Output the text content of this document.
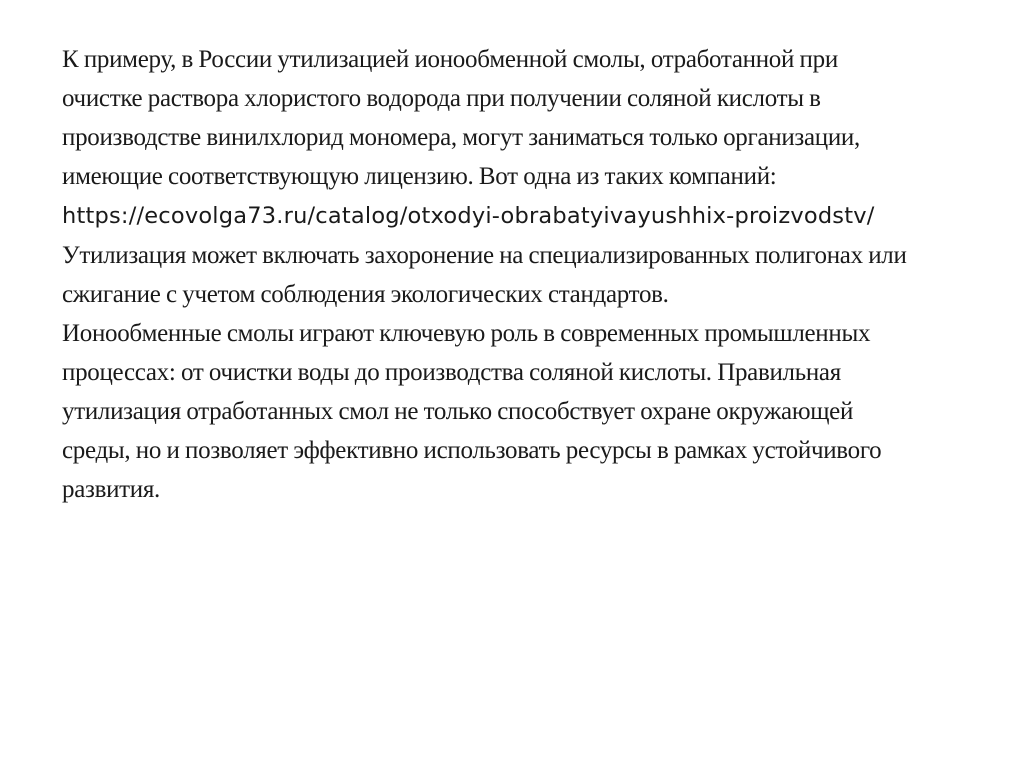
К примеру, в России утилизацией ионообменной смолы, отработанной при очистке раствора хлористого водорода при получении соляной кислоты в производстве винилхлорид мономера, могут заниматься только организации, имеющие соответствующую лицензию. Вот одна из таких компаний: https://ecovolga73.ru/catalog/otxodyi-obrabatyivayushhix-proizvodstv/

Утилизация может включать захоронение на специализированных полигонах или сжигание с учетом соблюдения экологических стандартов.

Ионообменные смолы играют ключевую роль в современных промышленных процессах: от очистки воды до производства соляной кислоты. Правильная утилизация отработанных смол не только способствует охране окружающей среды, но и позволяет эффективно использовать ресурсы в рамках устойчивого развития.
